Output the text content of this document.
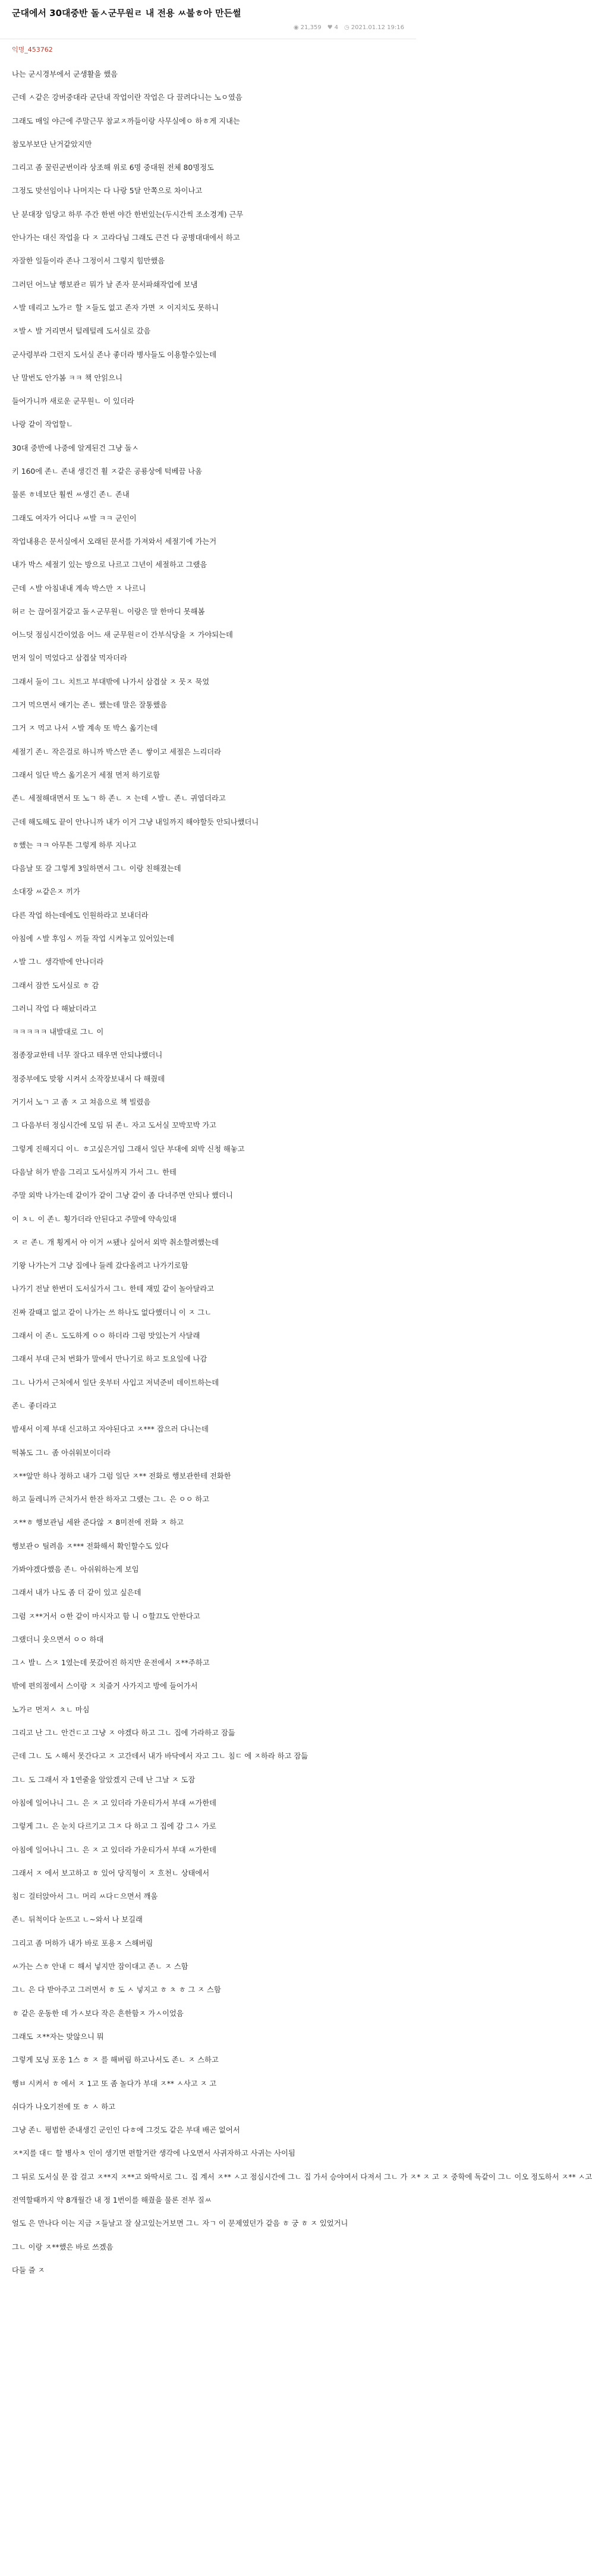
군대에서 30대중반 돌ㅅ군무원ㄹ 내 전용 ㅆ불ㅎ아 만든썰
◉ 21,359 ♥ 4 ◷ 2021.01.12 19:16
익명_453762
나는 군시경부에서 군생활을 했음
근데 ㅅ같은 강버중대라 군단내 작업이란 작업은 다 끌려다니는 노ㅇ였음
그래도 매일 야근에 주말근무 참교ㅈ까들이랑 사무실에ㅇ 하ㅎ게 지내는
참모부보단 난거같았지만
그리고 좀 꿀린군번이라 상조해 위로 6명 중대원 전체 80명정도
그정도 맞선임이나 나머지는 다 나랑 5달 안쪽으로 차이나고
난 분대장 임당고 하루 주간 한번 야간 한번있는(두시간씩 조소경계) 근무
안나가는 대신 작업을 다 ㅈ 고라다님 그래도 큰건 다 공병대대에서 하고
자잘한 일들이라 존나 그정이서 그렇지 힘만했음
그러던 어느날 행보관ㄹ 뭐가 날 존자 문서파쇄작업에 보냄
ㅅ발 데리고 노가ㄹ 할 ㅈ들도 없고 존자 가면 ㅈ 이지치도 못하니
ㅈ발ㅅ 발 거리면서 털레털레 도서실로 갔음
군사령부라 그런지 도서실 존나 좋더라 병사들도 이용할수있는데
난 말번도 안가봄 ㅋㅋ 책 안읽으니
들어가니까 새로운 군무원ㄴ 이 있더라
나랑 같이 작업할ㄴ
30대 중반에 나중에 알게된건 그냥 돌ㅅ
키 160에 존ㄴ 존내 생긴건 휠 ㅈ같은 공룡상에 턱베끔 나옴
물론 ㅎ네보단 훨씬 ㅆ생긴 존ㄴ 존내
그래도 여자가 어디나 ㅆ발 ㅋㅋ 군인이
작업내용은 문서실에서 오래된 문서를 가져와서 세절기에 가는거
내가 박스 세절기 있는 방으로 나르고 그년이 세절하고 그랬음
근데 ㅅ발 아침내내 계속 박스만 ㅈ 나르니
허ㄹ 는 끊어질거같고 돌ㅅ군무원ㄴ 이랑은 말 한마디 못해봄
어느덧 점심시간이었음 어느 새 군무원ㄹ이 간부식당을 ㅈ 가야되는데
먼저 일이 먹었다고 삼겹살 먹자더라
그래서 둘이 그ㄴ 치트고 부대밖에 나가서 삼겹살 ㅈ 뭇ㅈ 묵었
그거 먹으면서 얘기는 존ㄴ 했는데 말은 잘통했음
그거 ㅈ 먹고 나서 ㅅ발 계속 또 박스 옮기는데
세절기 존ㄴ 작은걸로 하니까 박스만 존ㄴ 쌓이고 세절은 느리더라
그래서 일단 박스 옮기온거 세절 먼저 하기로함
존ㄴ 세절해대면서 또 노ㄱ 하 존ㄴ ㅈ 는데 ㅅ발ㄴ 존ㄴ 귀엽더라고
근데 해도해도 끝이 안나니까 내가 이거 그냥 내일까지 해야할듯 안되나했더니
ㅎ했는 ㅋㅋ 아무튼 그렇게 하루 지나고
다음날 또 갈 그렇게 3일하면서 그ㄴ 이랑 친해졌는데
소대장 ㅆ같은ㅈ 끼가
다른 작업 하는데에도 인원하라고 보내더라
아침에 ㅅ발 후임ㅅ 끼들 작업 시켜놓고 있어있는데
ㅅ발 그ㄴ 생각밖에 안나더라
그래서 잠깐 도서실로 ㅎ 감
그러니 작업 다 해놨더라고
ㅋㅋㅋㅋㅋ 내발대로 그ㄴ 이
점종장교한테 너무 잘다고 태우면 안되냐했더니
정중부에도 맞왕 시켜서 소작장보내서 다 해줬데
거기서 노ㄱ 고 좀 ㅈ 고 쳐음으로 책 빌렸음
그 다음부터 정심시간에 모임 뒤 존ㄴ 자고 도서실 꼬박꼬박 가고
그렇게 진해지디 이ㄴ ㅎ고싶은거임 그래서 일단 부대에 외박 신청 해놓고
다음날 허가 받음 그리고 도서실까지 가서 그ㄴ 한테
주말 외박 나가는데 같이가 같이 그냥 같이 좀 다녀주면 안되나 했더니
이 ㅊㄴ 이 존ㄴ 횡가더라 안된다고 주말에 약속있대
ㅈ ㄹ 존ㄴ 개 횡게서 아 이거 ㅆ됐나 싶어서 외박 취소할려했는데
기왕 나가는거 그냥 집에나 들레 갔다올려고 나가기로함
나가기 전날 한번더 도서실가서 그ㄴ 한테 재밌 같이 놀아달라고
진짜 갈때고 없고 같이 나가는 쓰 하나도 없다했더니 이 ㅈ 그ㄴ
그래서 이 존ㄴ 도도하게 ㅇㅇ 하더라 그럼 맛있는거 사달래
그래서 부대 근처 번화가 말에서 만나기로 하고 토요일에 나감
그ㄴ 나가서 근처에서 일단 옷부터 사입고 저녁준비 데이트하는데
존ㄴ 좋더라고
밤새서 이제 부대 신고하고 자야된다고 ㅈ*** 잡으러 다니는데
떡볶도 그ㄴ 좀 아쉬워보이더라
ㅈ**앞만 하나 정하고 내가 그럼 일단 ㅈ** 전화로 행보관한테 전화한
하고 둘레니까 근처가서 한잔 하자고 그랬는 그ㄴ 은 ㅇㅇ 하고
ㅈ**ㅎ 행보관님 세완 준다않 ㅈ 8미전에 전화 ㅈ 하고
행보관ㅇ 틸려음 ㅈ*** 전화해서 확인할수도 있다
가봐야겠다했음 존ㄴ 아쉬워하는게 보임
그래서 내가 나도 좀 더 같이 있고 싶은데
그럼 ㅈ**거서 ㅇ한 같이 마시자고 함 니 ㅇ할끄도 안한다고
그랬더니 웃으면서 ㅇㅇ 하대
그ㅅ 발ㄴ 스ㅈ 1였는데 못갔어진 하지만 운전에서 ㅈ**주하고
밖에 편의점에서 스이랑 ㅈ 치즐거 사가지고 방에 들어가서
노가ㄹ 먼저ㅅ ㅊㄴ 마심
그리고 난 그ㄴ 안건ㄷ고 그냥 ㅈ 야겠다 하고 그ㄴ 집에 가라하고 잠듦
근데 그ㄴ 도 ㅅ해서 못간다고 ㅈ 고간데서 내가 바닥에서 자고 그ㄴ 침ㄷ 에 ㅈ하라 하고 잠듦
그ㄴ 도 그래서 자 1연줄을 알았겠지 근데 난 그날 ㅈ 도잠
아침에 일어나니 그ㄴ 은 ㅈ 고 있더라 가운티가서 부대 ㅆ가한데
그렇게 그ㄴ 은 눈치 다르기고 그ㅈ 다 하고 그 집에 감 그ㅅ 가로
아침에 일어나니 그ㄴ 은 ㅈ 고 있더라 가운티가서 부대 ㅆ가한데
그래서 ㅈ 에서 보고하고 ㅎ 있어 당직형이 ㅈ 흐천ㄴ 상태에서
침ㄷ 걸터앉아서 그ㄴ 머리 ㅆ다ㄷ으면서 깨움
존ㄴ 뒤척이다 눈뜨고 ㄴ~와서 나 보길래
그리고 좀 머하가 내가 바로 포용ㅈ 스해버림
ㅆ가는 스ㅎ 안내 ㄷ 해서 넣지만 잠이대고 존ㄴ ㅈ 스함
그ㄴ 은 다 받아주고 그러면서 ㅎ 도 ㅅ 넣지고 ㅎ ㅊ ㅎ 그 ㅈ 스함
ㅎ 같은 운동한 데 가ㅅ보다 작은 흔한함ㅈ 가ㅅ이었음
그래도 ㅈ**자는 맞않으니 뭐
그렇게 모닝 포옹 1스 ㅎ ㅈ 를 해버림 하고나서도 존ㄴ ㅈ 스하고
행ㅂ 시켜서 ㅎ 에서 ㅈ 1고 또 좀 놀다가 부대 ㅈ** ㅅ사고 ㅈ 고
쉬다가 나오기전에 또 ㅎ ㅅ 하고
그냥 존ㄴ 평범한 준내생긴 군인인 다ㅎ에 그것도 같은 부대 배곤 없어서
ㅈ*지를 대ㄷ 할 병사ㅊ 인이 생기면 편할거란 생각에 나오면서 사귀자하고 사귀는 사이됨
그 뒤로 도서실 문 잡 걸고 ㅈ**지 ㅈ**고 와딱서로 그ㄴ 집 계서 ㅈ** ㅅ고 점심시간에 그ㄴ 집 가서 승야여서 다져서 그ㄴ 가 ㅈ* ㅈ 고 ㅈ 중학에 독같이 그ㄴ 이오 정도하서 ㅈ** ㅅ고
전역할때까지 약 8개월간 내 정 1번이를 해줬을 물론 전부 질ㅆ
얼도 은 만나다 이는 지금 ㅈ들날고 잘 살고있는거보면 그ㄴ 자ㄱ 이 문제였던가 같음 ㅎ 궁 ㅎ ㅈ 있었거니
그ㄴ 이랑 ㅈ**했은 바로 쓰겠음
다들 즐 ㅈ
